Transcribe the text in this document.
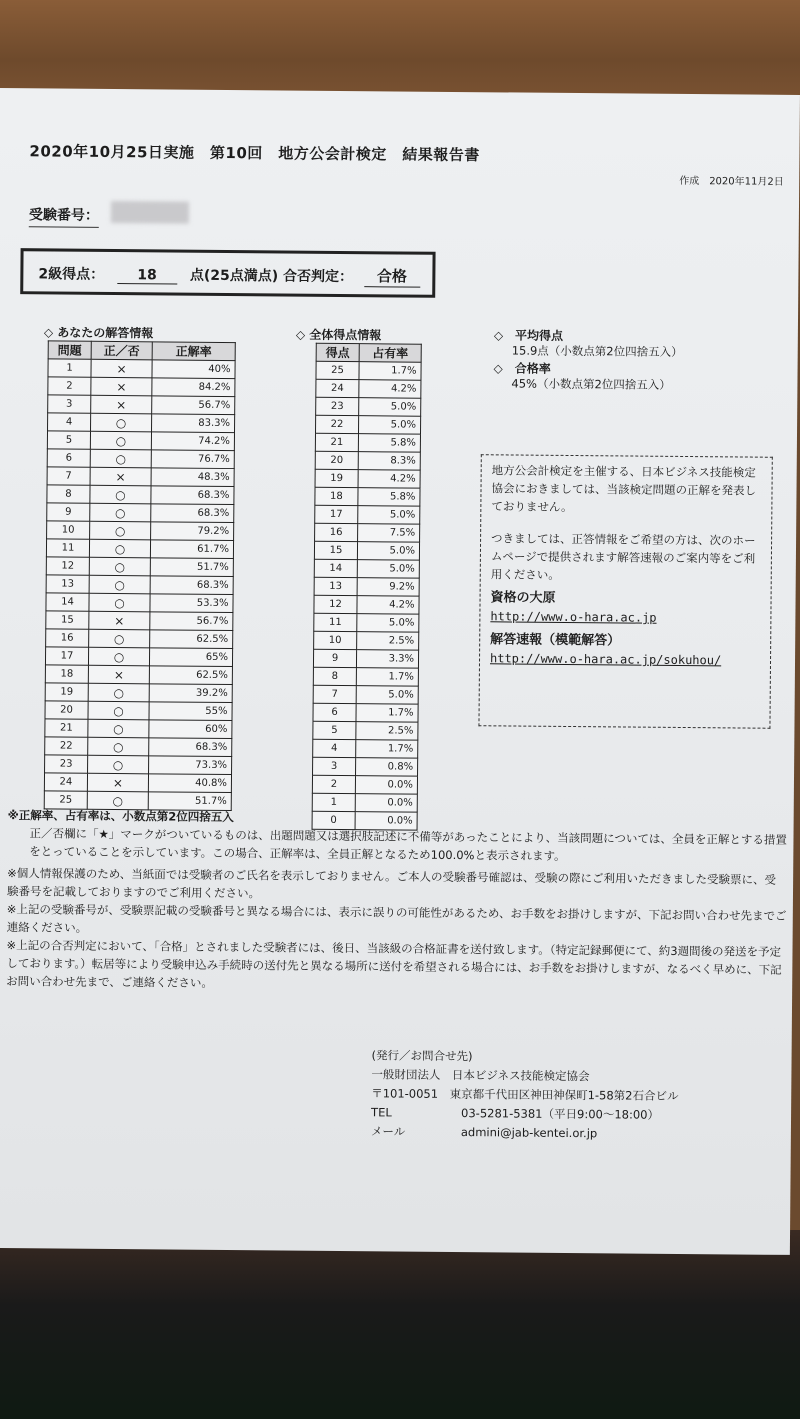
2020年10月25日実施　第10回　地方公会計検定　結果報告書
作成　2020年11月2日
受験番号：
2級得点： 18 点(25点満点) 合否判定： 合格
◇ あなたの解答情報
問題	正／否	正解率
1	×	40%
2	×	84.2%
3	×	56.7%
4	○	83.3%
5	○	74.2%
6	○	76.7%
7	×	48.3%
8	○	68.3%
9	○	68.3%
10	○	79.2%
11	○	61.7%
12	○	51.7%
13	○	68.3%
14	○	53.3%
15	×	56.7%
16	○	62.5%
17	○	65%
18	×	62.5%
19	○	39.2%
20	○	55%
21	○	60%
22	○	68.3%
23	○	73.3%
24	×	40.8%
25	○	51.7%
◇ 全体得点情報
得点	占有率
25	1.7%
24	4.2%
23	5.0%
22	5.0%
21	5.8%
20	8.3%
19	4.2%
18	5.8%
17	5.0%
16	7.5%
15	5.0%
14	5.0%
13	9.2%
12	4.2%
11	5.0%
10	2.5%
9	3.3%
8	1.7%
7	5.0%
6	1.7%
5	2.5%
4	1.7%
3	0.8%
2	0.0%
1	0.0%
0	0.0%
◇　平均得点
15.9点（小数点第2位四捨五入）
◇　合格率
45%（小数点第2位四捨五入）

地方公会計検定を主催する、日本ビジネス技能検定協会におきましては、当該検定問題の正解を発表しておりません。

つきましては、正答情報をご希望の方は、次のホームページで提供されます解答速報のご案内等をご利用ください。

資格の大原

http://www.o-hara.ac.jp

解答速報（模範解答）

http://www.o-hara.ac.jp/sokuhou/

※正解率、占有率は、小数点第2位四捨五入

正／否欄に「★」マークがついているものは、出題問題又は選択肢記述に不備等があったことにより、当該問題については、全員を正解とする措置をとっていることを示しています。この場合、正解率は、全員正解となるため100.0%と表示されます。

※個人情報保護のため、当紙面では受験者のご氏名を表示しておりません。ご本人の受験番号確認は、受験の際にご利用いただきました受験票に、受験番号を記載しておりますのでご利用ください。

※上記の受験番号が、受験票記載の受験番号と異なる場合には、表示に誤りの可能性があるため、お手数をお掛けしますが、下記お問い合わせ先までご連絡ください。

※上記の合否判定において、「合格」とされました受験者には、後日、当該級の合格証書を送付致します。（特定記録郵便にて、約3週間後の発送を予定しております。）転居等により受験申込み手続時の送付先と異なる場所に送付を希望される場合には、お手数をお掛けしますが、なるべく早めに、下記お問い合わせ先まで、ご連絡ください。

(発行／お問合せ先)
一般財団法人　日本ビジネス技能検定協会
〒101-0051　東京都千代田区神田神保町1-58第2石合ビル
TEL	03-5281-5381（平日9:00～18:00）
メール	admini@jab-kentei.or.jp
